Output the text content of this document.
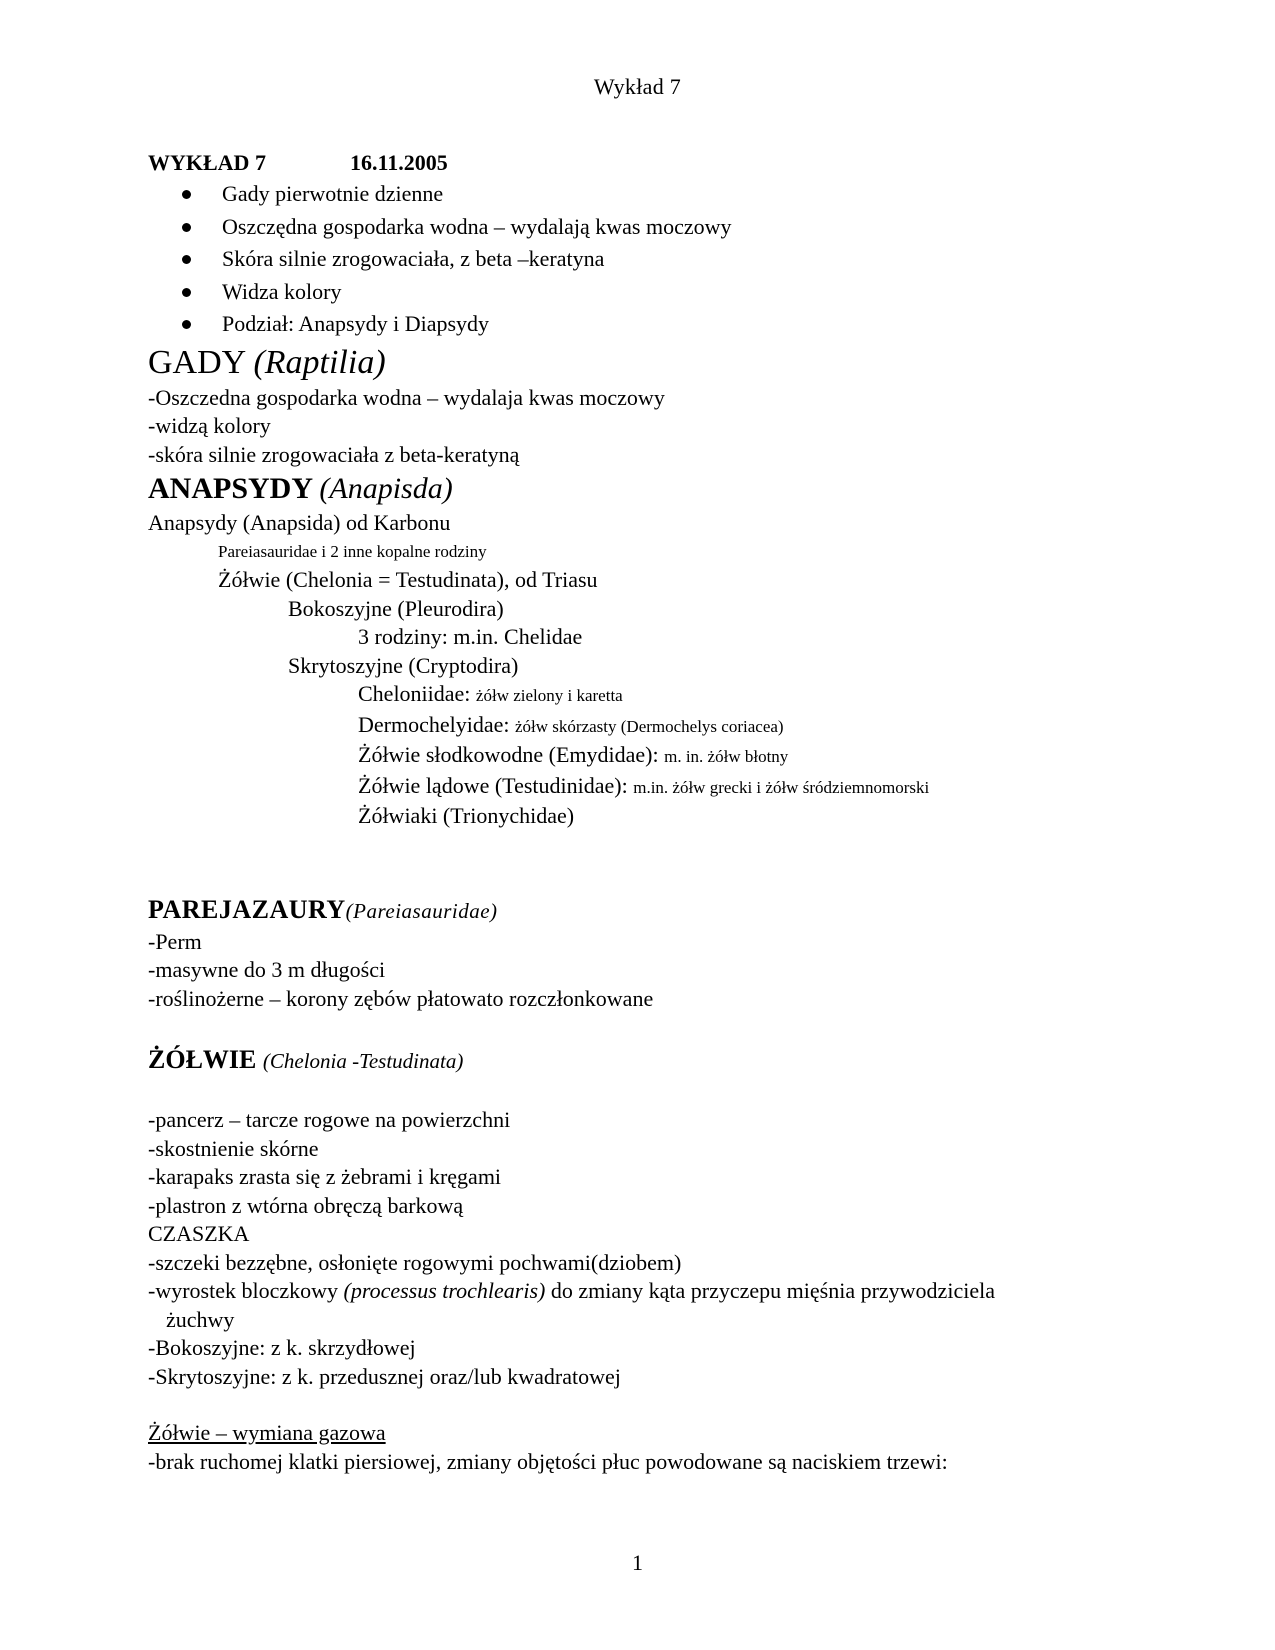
Wykład 7
WYKŁAD 7	16.11.2005
Gady pierwotnie dzienne
Oszczędna gospodarka wodna – wydalają kwas moczowy
Skóra silnie zrogowaciała, z beta –keratyna
Widza kolory
Podział: Anapsydy i Diapsydy
GADY (Raptilia)
-Oszczedna gospodarka wodna – wydalaja kwas moczowy
-widzą kolory
-skóra silnie zrogowaciała z beta-keratyną
ANAPSYDY (Anapisda)
Anapsydy (Anapsida) od Karbonu
Pareiasauridae i 2 inne kopalne rodziny
Żółwie (Chelonia = Testudinata), od Triasu
Bokoszyjne (Pleurodira)
3 rodziny: m.in. Chelidae
Skrytoszyjne (Cryptodira)
Cheloniidae: żółw zielony i karetta
Dermochelyidae: żółw skórzasty (Dermochelys coriacea)
Żółwie słodkowodne (Emydidae): m. in. żółw błotny
Żółwie lądowe (Testudinidae): m.in. żółw grecki i żółw śródziemnomorski
Żółwiaki (Trionychidae)
PAREJAZAURY(Pareiasauridae)
-Perm
-masywne do 3 m długości
-roślinożerne – korony zębów płatowato rozczłonkowane
ŻÓŁWIE (Chelonia -Testudinata)
-pancerz – tarcze rogowe na powierzchni
-skostnienie skórne
-karapaks zrasta się z żebrami i kręgami
-plastron z wtórna obręczą barkową
CZASZKA
-szczeki bezzębne, osłonięte rogowymi pochwami(dziobem)
-wyrostek bloczkowy (processus trochlearis) do zmiany kąta przyczepu mięśnia przywodziciela
żuchwy
-Bokoszyjne: z k. skrzydłowej
-Skrytoszyjne: z k. przedusznej oraz/lub kwadratowej
Żółwie – wymiana gazowa
-brak ruchomej klatki piersiowej, zmiany objętości płuc powodowane są naciskiem trzewi:
1
